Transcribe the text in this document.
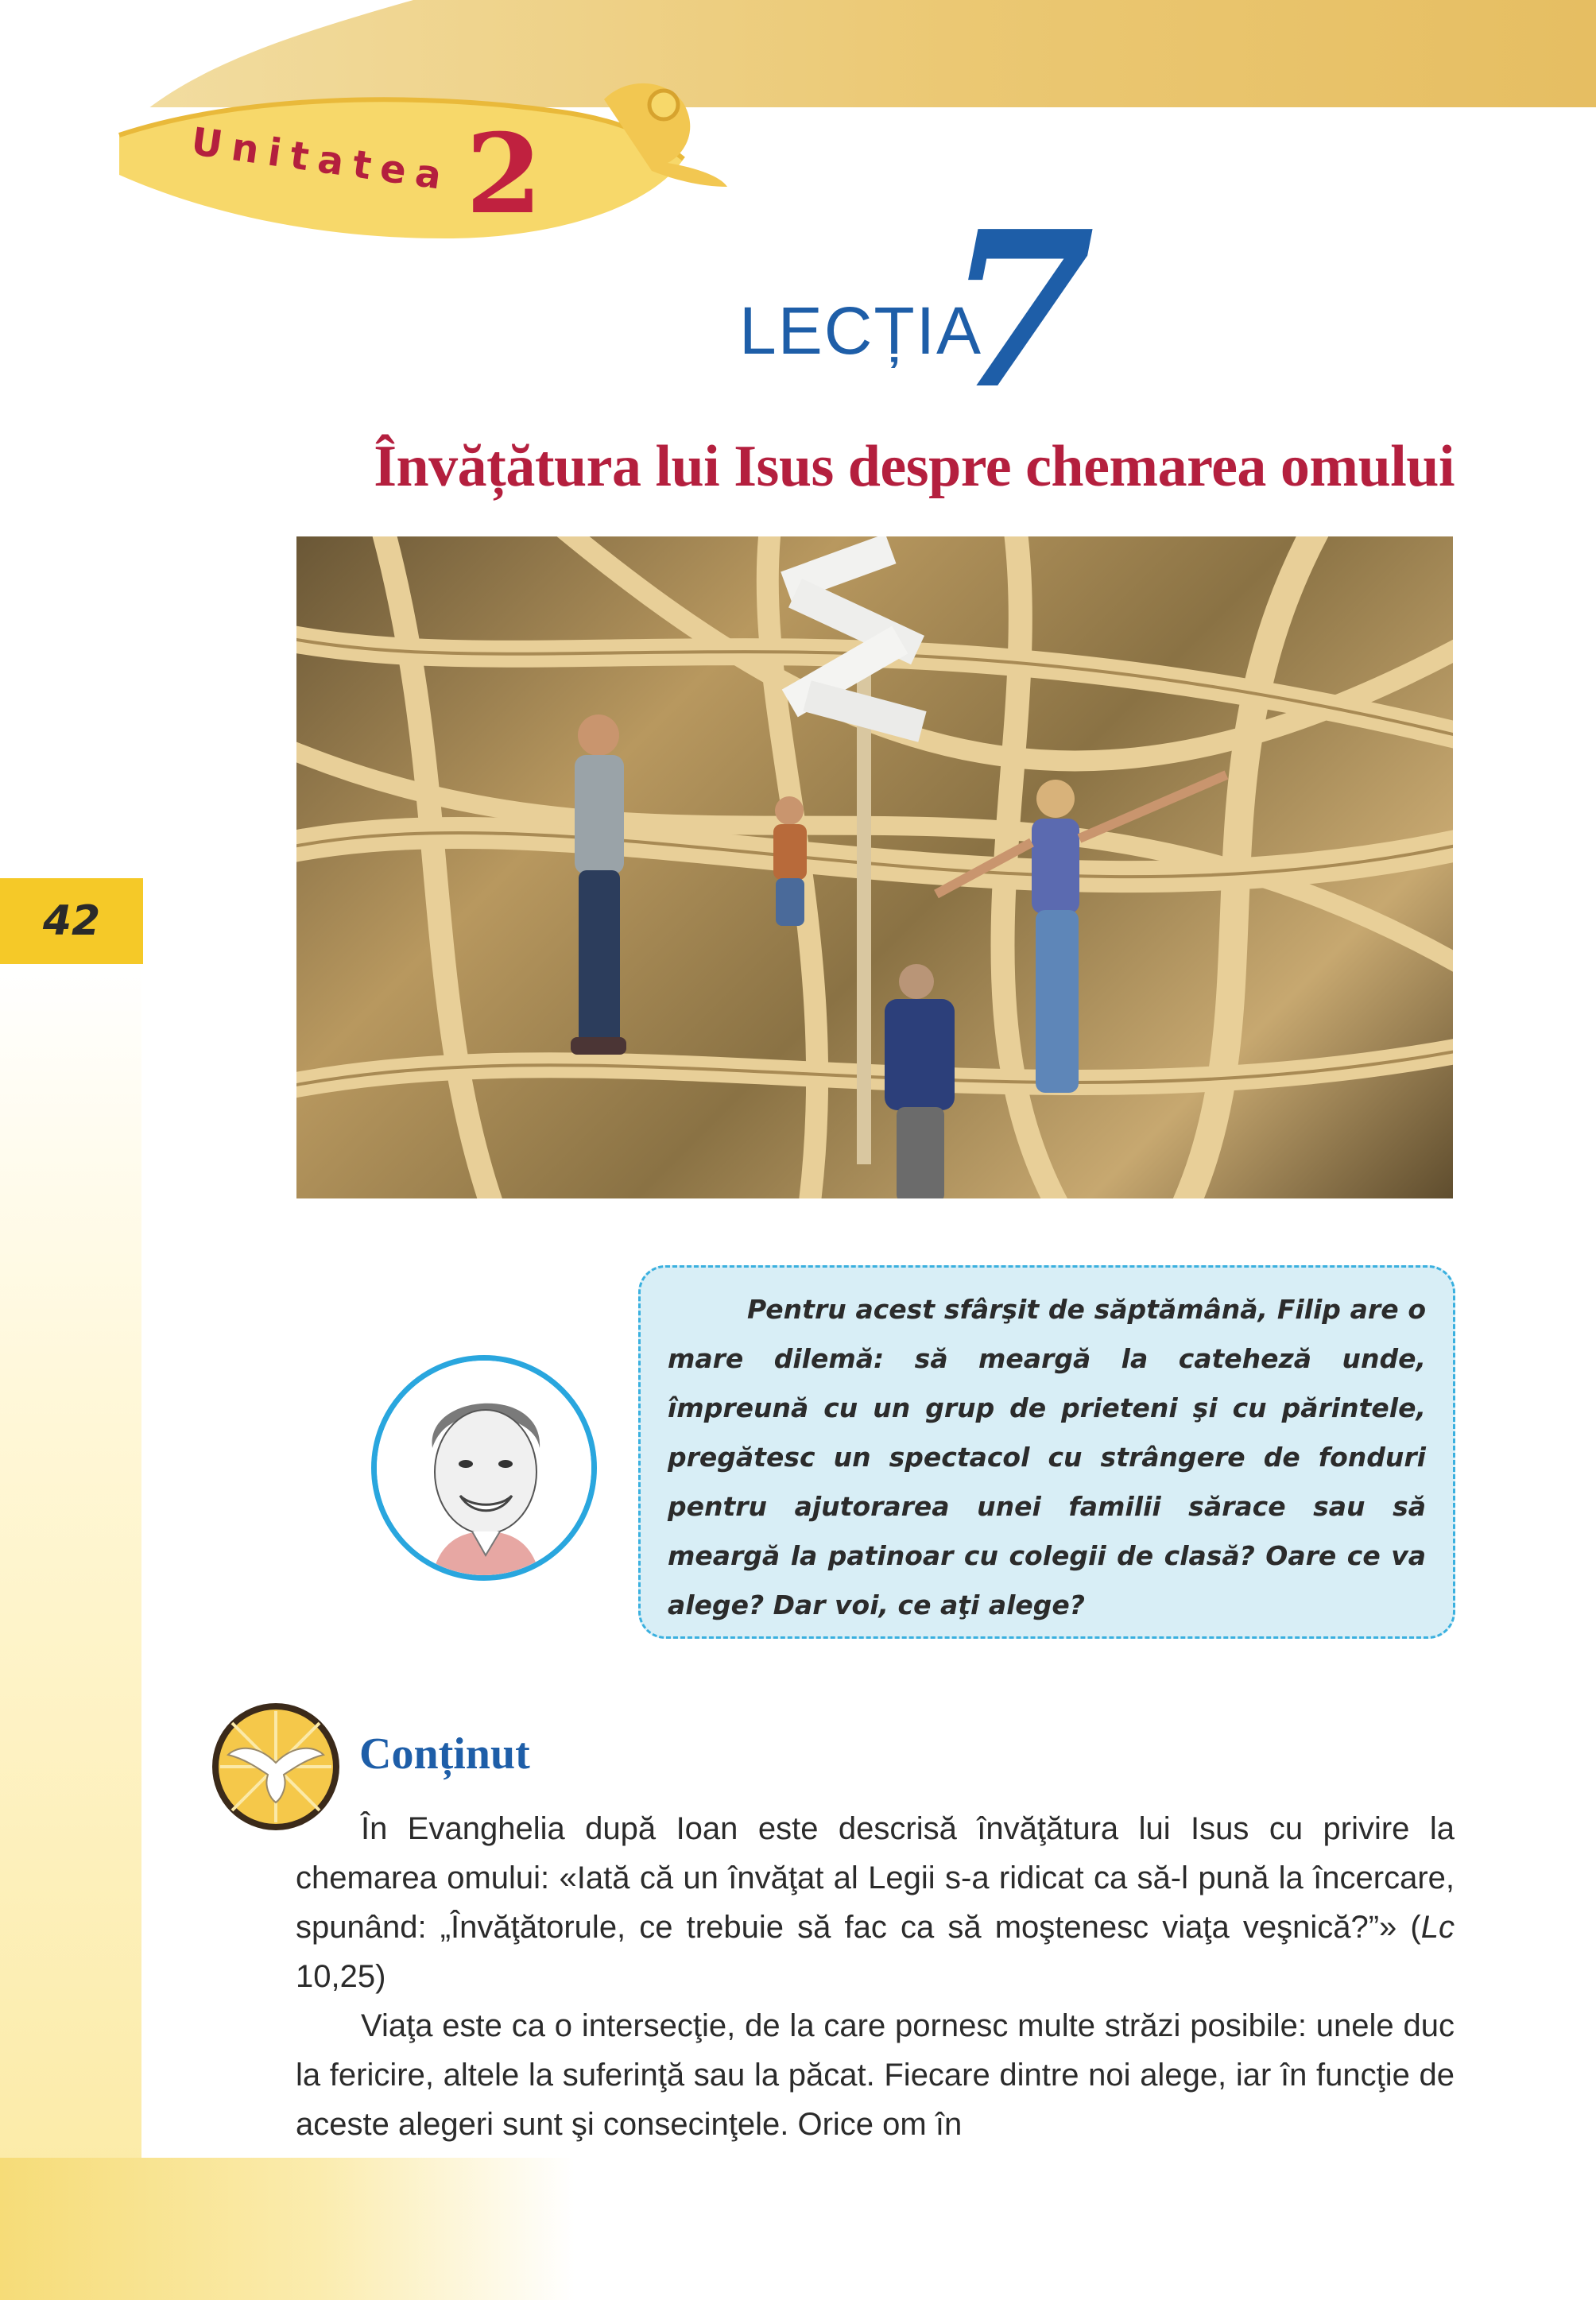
42
Unitatea 2
LECȚIA
7
Învățătura lui Isus despre chemarea omului

Pentru acest sfârşit de săptămână, Filip are o mare dilemă: să meargă la cateheză unde, împreună cu un grup de prieteni şi cu părintele, pregătesc un spectacol cu strângere de fonduri pentru ajutorarea unei familii sărace sau să meargă la patinoar cu colegii de clasă? Oare ce va alege? Dar voi, ce aţi alege?

Conținut

În Evanghelia după Ioan este descrisă învăţătura lui Isus cu privire la chemarea omului: «Iată că un învăţat al Legii s-a ridicat ca să-l pună la încercare, spunând: „Învăţătorule, ce trebuie să fac ca să moştenesc viaţa veşnică?”» (Lc 10,25)

Viaţa este ca o intersecţie, de la care pornesc multe străzi posibile: unele duc la fericire, altele la suferinţă sau la păcat. Fiecare dintre noi alege, iar în funcţie de aceste alegeri sunt şi consecinţele. Orice om în
